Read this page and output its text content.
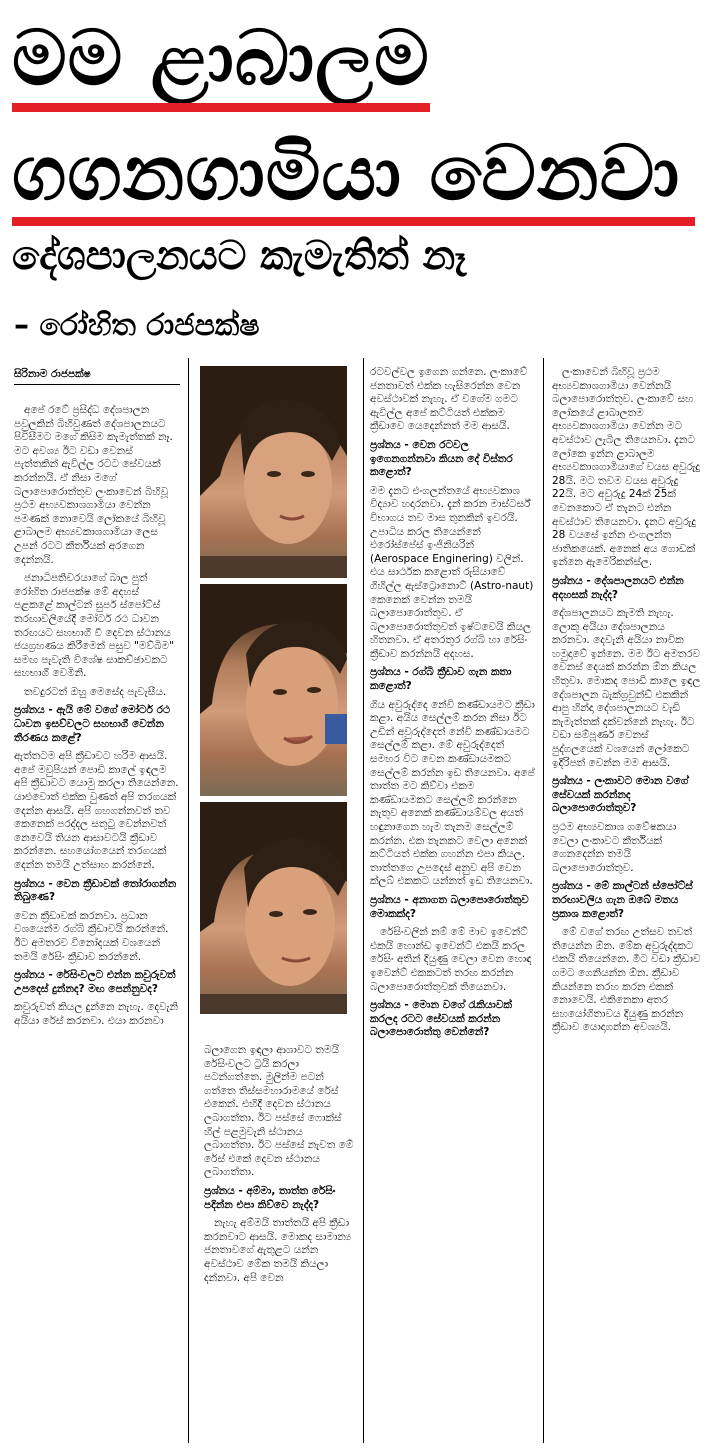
මම ළාබාලම
ගගනගාමියා වෙනවා
දේශපාලනයට කැමැතිත් නෑ
– රෝහිත රාජපක්ෂ
සිරිනාම රාජපක්ෂ

අපේ රටේ ප්‍රසිද්ධ දේශපාලන පවුලකින් බිහිවුණත් දේශපාලනයට පිවිසීමට මගේ කිසිම කැමැත්තක් නෑ. මට අවශ්‍ය ඊට වඩා වෙනස් පැත්තකින් ඇවිල්ල රටට සේවයක් කරන්නයි. ඒ නිසා මගේ බලාපොරොත්තුව ලංකාවෙන් බිහිවූ ප්‍රථම අභ්‍යවකාශගාමියා වෙන්න පමණක් නොවෙයි ලෝකයේ බිහිවූ ළාබාලම අභ්‍යවකාශගාමියා ලෙස උපන් රටට කීර්තියක් අරගෙන දෙන්නයි.

ජනාධිපතිවරයාගේ බාල පුත් රෝහිත රාජපක්ෂ මේ අදහස් පළකළේ කාල්ටන් සුපර් ස්පෝට්ස් තරඟාවලියේදී මෝටර් රථ ධාවන තරඟයට සහභාගී වී දෙවන ස්ථානය ජයග්‍රහණය කිරීමෙන් පසුව "මව්බිම" සමඟ පැවැති විශේෂ සාකච්ඡාවකට සහභාගී වෙමිනි.

තවදුරටත් ඔහු මෙසේද පැවැසීය.

ප්‍රශ්නය - ඇයි මේ වගේ මෝටර් රථ ධාවන ඉසව්වලට සහභාගී වෙන්න තීරණය කළේ?

ඇත්තටම අපි ක්‍රීඩාවට හරිම ආසයි. අපේ මවුපියන් පොඩි කාලේ ඉඳලම අපි ක්‍රීඩාවට යොමු කරලා තියෙන්නෙ. යාළුවොත් එක්ක වුණත් අපි තරගයක් දෙන්න ආසයි. අපි ගහගන්නවත් තව කෙනෙක් පරද්දල සතුටු වෙන්නවත් නෙවෙයි තියන ආසාවටයි ක්‍රීඩාව කරන්නෙ. සහයෝගයෙන් තරගයක් දෙන්න තමයි උත්සාහ කරන්නේ.

ප්‍රශ්නය - වෙන ක්‍රීඩාවක් තෝරාගන්න තිබුණෙ?

වෙන ක්‍රීඩාවක් කරනවා. ප්‍රධාන වශයෙන්ම රග්බි ක්‍රීඩාවයි කරන්නේ. ඊට අමතරව විනෝදයක් වශයෙන් තමයි රේසිං ක්‍රීඩාව කරන්නේ.

ප්‍රශ්නය - රේසිංවලට එන්න කවුරුවත් උපදෙස් දුන්නද? මඟ පෙන්නුවද?

කවුරුවත් කියල දුන්නෙ නැහැ. දෙවැනි අයියා රේස් කරනවා. එයා කරනවා

බලාගෙන ඉඳලා ආශාවට තමයි රේසිංවලට ට්‍රයි කරලා පටන්ගත්තෙ. මුලින්ම පටන් ගත්තෙ තිස්සමහාරාමයේ රේස් එකෙන්. එහිදී දෙවන ස්ථානය ලබාගත්තා. ඊට පස්සේ ෆොක්ස් හිල් පළමුවැනි ස්ථානය ලබාගත්තා. ඊට පස්සේ නැවත මේ රේස් එකේ දෙවන ස්ථානය ලබාගත්තා.

ප්‍රශ්නය - අම්මා, තාත්ත රේසිං පදින්න එපා කිව්වෙ නැද්ද?

නැහැ අම්මයි තාත්තයි අපි ක්‍රීඩා කරනවාට ආසයි. මොකද සාමාන්‍ය ජනතාවගේ ඇතුළට යන්න අවස්ථාව මේක තමයි කියලා දන්නවා. අපි වෙන

රටවල්වල ඉගෙන ගන්නෙ. ලංකාවේ ජනතාවත් එක්ක හැසිරෙන්න වෙන අවස්ථාවක් නැහැ. ඒ වගේම ගමට ඇවිල්ල අපේ කට්ටියත් එක්කම ක්‍රීඩාවෙ යෙදෙන්නත් මම ආසයි.

ප්‍රශ්නය - වෙන රටවල ඉගෙනගන්නවා කියන දේ විස්තර කළොත්?

මම දැනට එංගලන්තයේ අභ්‍යවකාශ විද්‍යාව හදාරනවා. දැන් කරන මාස්ටර්ස් විභාගය තව මාස තුනකින් ඉවරයි. උපාධිය කරල තියෙන්නේ එරෝස්පේස් ඉංජිනියරින් (Aerospace Enginering) වලින්. එය සාර්ථක කළොත් රුසියාවේ ගිහිල්ල ඇස්ට්‍රොනොට් (Astro-naut) කෙනෙක් වෙන්න තමයි බලාපොරොත්තුව. ඒ බලාපොරොත්තුවත් ඉෂ්ටවෙයි කියල හිතනවා. ඒ අතරතුර රග්බි හා රේසිං ක්‍රීඩාව කරන්නයි අදහස.

ප්‍රශ්නය - රග්බි ක්‍රීඩාව ගැන කතා කළොත්?

ගිය අවුරුද්දෙ නේවි කණ්ඩායමට ක්‍රීඩා කළා. අයිය සෙල්ලම් කරන නිසා ඊට උඩින් අවුරුද්දෙත් නේවි කණ්ඩායමට සෙල්ලම් කළා. මේ අවුරුද්දෙත් සමහර විට වෙන කණ්ඩායමකට සෙල්ලම් කරන්න ඉඩ තියෙනවා. අපේ තාත්ත මට කිව්වා එකම කණ්ඩායමකට සෙල්ලම් කරන්නෙ නැතුව අනෙක් කණ්ඩායම්වල අයත් හඳුනාගෙන හැම තැනම සෙල්ලම් කරන්න. එක තැනකට වෙලා අනෙක් කට්ටියත් එක්ක ගහන්න එපා කියල. තාත්තගෙ උපදෙස් අනුව අපි වෙන ක්ලබ් එකකට යන්නත් ඉඩ තියෙනවා.

ප්‍රශ්නය - අනාගත බලාපොරොත්තුව මොකක්ද?

රේසිංවලින් නම් මේ මාව ඉවෙන්ට් එකයි හොන්ඩ ඉවෙන්ට් එකයි කරල රේසිං අතින් දියුණු වෙලා වෙන හොඳ ඉවෙන්ට් එකකටත් තරඟ කරන්න බලාපොරොත්තුවක් තියෙනවා.

ප්‍රශ්නය - මොන වගේ රැකියාවක් කරලද රටට සේවයක් කරන්න බලාපොරොත්තු වෙන්නේ?

ලංකාවෙන් බිහිවූ ප්‍රථම අභ්‍යවකාශගාමියා වෙන්නයි බලාපොරොත්තුව. ලංකාවේ සහ ලෝකයේ ළාබාලතම අභ්‍යවකාශගාමියා වෙන්න මට අවස්ථාව ලැබිල තියෙනවා. දැනට ලෝකෙ ඉන්න ළාබාලම අභ්‍යවකාශගාමියාගේ වයස අවුරුදු 28යි. මට තවම වයස අවුරුදු 22යි. මට අවුරුදු 24ක් 25ක් වෙනකොට ඒ තැනට එන්න අවස්ථාව තියෙනවා. දැනට අවුරුදු 28 වයසේ ඉන්න එංගලන්ත ජාතිකයෙක්. අනෙක් අය ගොඩක් ඉන්නෙ ඇමෙරිකන්ස්ල.

ප්‍රශ්නය - දේශපාලනයට එන්න අදහසක් නැද්ද?

දේශපාලනයට කැමති නැහැ. ලොකු අයියා දේශපාලනය කරනවා. දෙවැනි අයියා නාවික හමුදාවේ ඉන්නෙ. මම ඊට අමතරව වෙනස් දෙයක් කරන්න ඕන කියල හිතුවා. මොකද පොඩි කාලෙ ඉඳල දේශපාලන බැක්ග්‍රවුන්ඩ් එකකින් ආපු හින්දා දේශපාලනයට වැඩි කැමැත්තක් දක්වන්නේ නැහැ. ඊට වඩා සම්පූර්ණ වෙනස් පුද්ගලයෙක් වශයෙන් ලෝකෙට ඉදිරිපත් වෙන්න මම ආසයි.

ප්‍රශ්නය - ලංකාවට මොන වගේ සේවයක් කරන්නද බලාපොරොත්තුව?

ප්‍රථම අභ්‍යවකාශ ගවේෂකයා වෙලා ලංකාවට කීර්තියක් ගෙනදෙන්න තමයි බලාපොරොත්තුව.

ප්‍රශ්නය - මේ කාල්ටන් ස්පෝට්ස් තරඟාවලිය ගැන ඔබේ මතය ප්‍රකාශ කළොත්?

මේ වගේ තරඟ උත්සව තවත් තියෙන්න ඕන. මේක අවුරුද්දකට එකයි තියෙන්නෙ. මීට වඩා ක්‍රීඩාව ගමට ගෙනියන්න ඕන. ක්‍රීඩාව කියන්නෙ තරහ කරන එකක් නොවෙයි. එකිනෙකා අතර සහයෝගිතාවය දියුණු කරන්න ක්‍රීඩාව යොදාගන්න අවශ්‍යයි.
